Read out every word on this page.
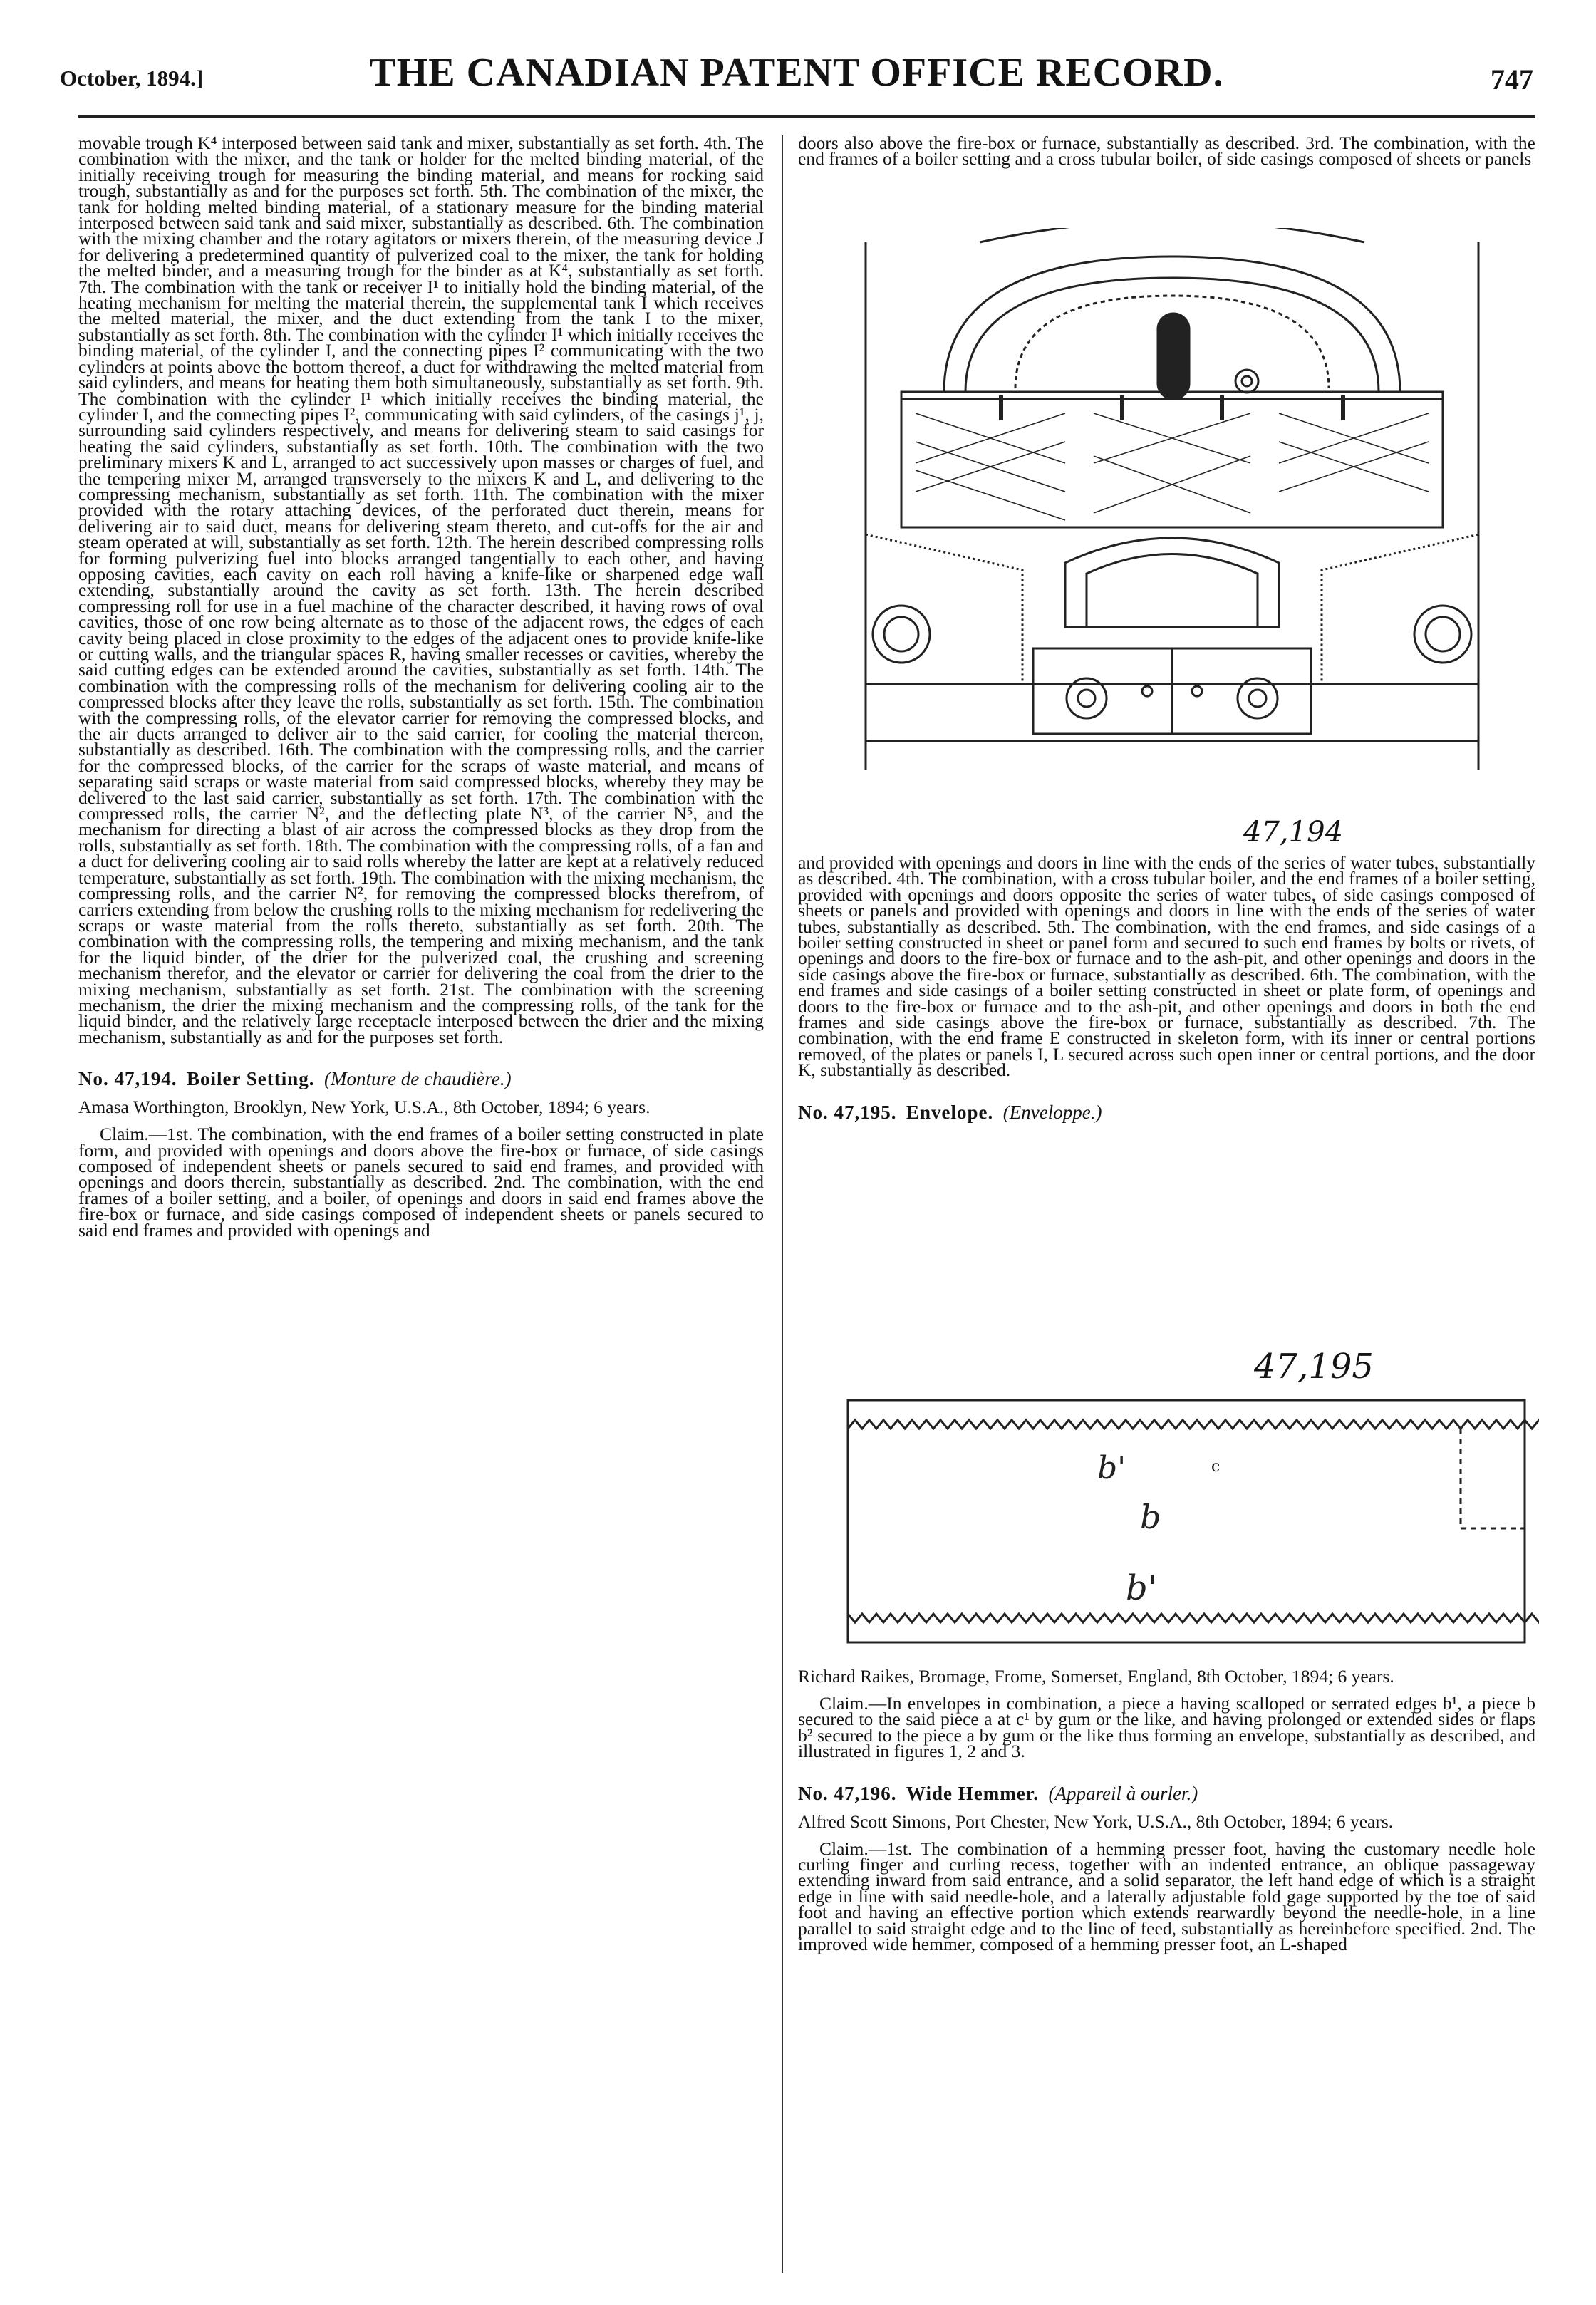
October, 1894.]	THE CANADIAN PATENT OFFICE RECORD.	747

movable trough K⁴ interposed between said tank and mixer, substantially as set forth. 4th. The combination with the mixer, and the tank or holder for the melted binding material, of the initially receiving trough for measuring the binding material, and means for rocking said trough, substantially as and for the purposes set forth. 5th. The combination of the mixer, the tank for holding melted binding material, of a stationary measure for the binding material interposed between said tank and said mixer, substantially as described. 6th. The combination with the mixing chamber and the rotary agitators or mixers therein, of the measuring device J for delivering a predetermined quantity of pulverized coal to the mixer, the tank for holding the melted binder, and a measuring trough for the binder as at K⁴, substantially as set forth. 7th. The combination with the tank or receiver I¹ to initially hold the binding material, of the heating mechanism for melting the material therein, the supplemental tank I which receives the melted material, the mixer, and the duct extending from the tank I to the mixer, substantially as set forth. 8th. The combination with the cylinder I¹ which initially receives the binding material, of the cylinder I, and the connecting pipes I² communicating with the two cylinders at points above the bottom thereof, a duct for withdrawing the melted material from said cylinders, and means for heating them both simultaneously, substantially as set forth. 9th. The combination with the cylinder I¹ which initially receives the binding material, the cylinder I, and the connecting pipes I², communicating with said cylinders, of the casings j¹, j, surrounding said cylinders respectively, and means for delivering steam to said casings for heating the said cylinders, substantially as set forth. 10th. The combination with the two preliminary mixers K and L, arranged to act successively upon masses or charges of fuel, and the tempering mixer M, arranged transversely to the mixers K and L, and delivering to the compressing mechanism, substantially as set forth. 11th. The combination with the mixer provided with the rotary attaching devices, of the perforated duct therein, means for delivering air to said duct, means for delivering steam thereto, and cut-offs for the air and steam operated at will, substantially as set forth. 12th. The herein described compressing rolls for forming pulverizing fuel into blocks arranged tangentially to each other, and having opposing cavities, each cavity on each roll having a knife-like or sharpened edge wall extending, substantially around the cavity as set forth. 13th. The herein described compressing roll for use in a fuel machine of the character described, it having rows of oval cavities, those of one row being alternate as to those of the adjacent rows, the edges of each cavity being placed in close proximity to the edges of the adjacent ones to provide knife-like or cutting walls, and the triangular spaces R, having smaller recesses or cavities, whereby the said cutting edges can be extended around the cavities, substantially as set forth. 14th. The combination with the compressing rolls of the mechanism for delivering cooling air to the compressed blocks after they leave the rolls, substantially as set forth. 15th. The combination with the compressing rolls, of the elevator carrier for removing the compressed blocks, and the air ducts arranged to deliver air to the said carrier, for cooling the material thereon, substantially as described. 16th. The combination with the compressing rolls, and the carrier for the compressed blocks, of the carrier for the scraps of waste material, and means of separating said scraps or waste material from said compressed blocks, whereby they may be delivered to the last said carrier, substantially as set forth. 17th. The combination with the compressed rolls, the carrier N², and the deflecting plate N³, of the carrier N⁵, and the mechanism for directing a blast of air across the compressed blocks as they drop from the rolls, substantially as set forth. 18th. The combination with the compressing rolls, of a fan and a duct for delivering cooling air to said rolls whereby the latter are kept at a relatively reduced temperature, substantially as set forth. 19th. The combination with the mixing mechanism, the compressing rolls, and the carrier N², for removing the compressed blocks therefrom, of carriers extending from below the crushing rolls to the mixing mechanism for redelivering the scraps or waste material from the rolls thereto, substantially as set forth. 20th. The combination with the compressing rolls, the tempering and mixing mechanism, and the tank for the liquid binder, of the drier for the pulverized coal, the crushing and screening mechanism therefor, and the elevator or carrier for delivering the coal from the drier to the mixing mechanism, substantially as set forth. 21st. The combination with the screening mechanism, the drier the mixing mechanism and the compressing rolls, of the tank for the liquid binder, and the relatively large receptacle interposed between the drier and the mixing mechanism, substantially as and for the purposes set forth.

No. 47,194. Boiler Setting. (Monture de chaudière.)

Amasa Worthington, Brooklyn, New York, U.S.A., 8th October, 1894; 6 years.

Claim.—1st. The combination, with the end frames of a boiler setting constructed in plate form, and provided with openings and doors above the fire-box or furnace, of side casings composed of independent sheets or panels secured to said end frames, and provided with openings and doors therein, substantially as described. 2nd. The combination, with the end frames of a boiler setting, and a boiler, of openings and doors in said end frames above the fire-box or furnace, and side casings composed of independent sheets or panels secured to said end frames and provided with openings and

doors also above the fire-box or furnace, substantially as described. 3rd. The combination, with the end frames of a boiler setting and a cross tubular boiler, of side casings composed of sheets or panels

47,194

and provided with openings and doors in line with the ends of the series of water tubes, substantially as described. 4th. The combination, with a cross tubular boiler, and the end frames of a boiler setting, provided with openings and doors opposite the series of water tubes, of side casings composed of sheets or panels and provided with openings and doors in line with the ends of the series of water tubes, substantially as described. 5th. The combination, with the end frames, and side casings of a boiler setting constructed in sheet or panel form and secured to such end frames by bolts or rivets, of openings and doors to the fire-box or furnace and to the ash-pit, and other openings and doors in the side casings above the fire-box or furnace, substantially as described. 6th. The combination, with the end frames and side casings of a boiler setting constructed in sheet or plate form, of openings and doors to the fire-box or furnace and to the ash-pit, and other openings and doors in both the end frames and side casings above the fire-box or furnace, substantially as described. 7th. The combination, with the end frame E constructed in skeleton form, with its inner or central portions removed, of the plates or panels I, L secured across such open inner or central portions, and the door K, substantially as described.

No. 47,195. Envelope. (Enveloppe.)

47,195
b'	c
b
b'

Richard Raikes, Bromage, Frome, Somerset, England, 8th October, 1894; 6 years.

Claim.—In envelopes in combination, a piece a having scalloped or serrated edges b¹, a piece b secured to the said piece a at c¹ by gum or the like, and having prolonged or extended sides or flaps b² secured to the piece a by gum or the like thus forming an envelope, substantially as described, and illustrated in figures 1, 2 and 3.

No. 47,196. Wide Hemmer. (Appareil à ourler.)

Alfred Scott Simons, Port Chester, New York, U.S.A., 8th October, 1894; 6 years.

Claim.—1st. The combination of a hemming presser foot, having the customary needle hole curling finger and curling recess, together with an indented entrance, an oblique passageway extending inward from said entrance, and a solid separator, the left hand edge of which is a straight edge in line with said needle-hole, and a laterally adjustable fold gage supported by the toe of said foot and having an effective portion which extends rearwardly beyond the needle-hole, in a line parallel to said straight edge and to the line of feed, substantially as hereinbefore specified. 2nd. The improved wide hemmer, composed of a hemming presser foot, an L-shaped
